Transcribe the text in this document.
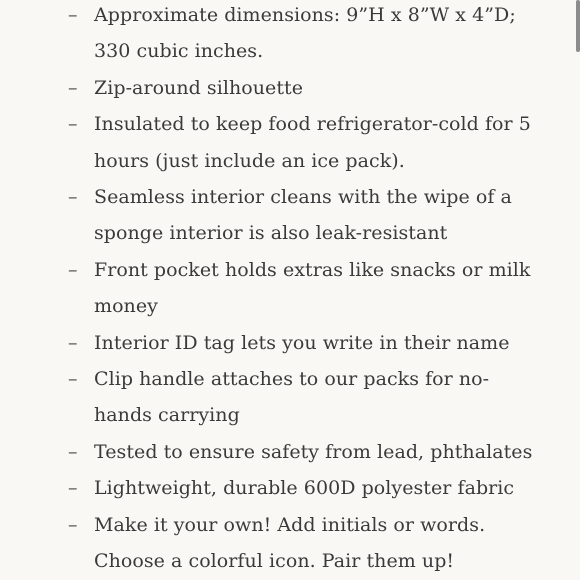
– Approximate dimensions: 9”H x 8”W x 4”D;
330 cubic inches.
– Zip-around silhouette
– Insulated to keep food refrigerator-cold for 5
hours (just include an ice pack).
– Seamless interior cleans with the wipe of a
sponge interior is also leak-resistant
– Front pocket holds extras like snacks or milk
money
– Interior ID tag lets you write in their name
– Clip handle attaches to our packs for no-
hands carrying
– Tested to ensure safety from lead, phthalates
– Lightweight, durable 600D polyester fabric
– Make it your own! Add initials or words.
Choose a colorful icon. Pair them up!
